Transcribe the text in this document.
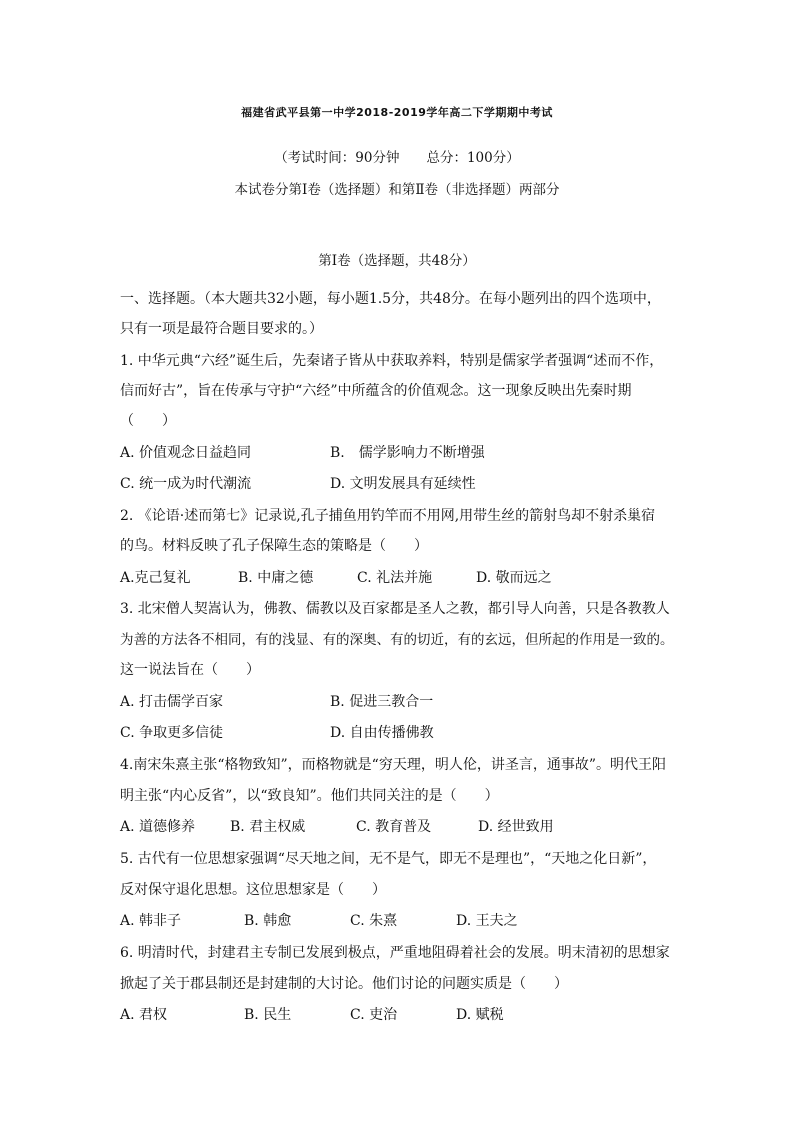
福建省武平县第一中学2018-2019学年高二下学期期中考试
（考试时间：90分钟　　总分：100分）
本试卷分第Ⅰ卷（选择题）和第Ⅱ卷（非选择题）两部分
第Ⅰ卷（选择题，共48分）
一、选择题。（本大题共32小题，每小题1.5分，共48分。在每小题列出的四个选项中，
只有一项是最符合题目要求的。）
1. 中华元典“六经”诞生后，先秦诸子皆从中获取养料，特别是儒家学者强调“述而不作，
信而好古”，旨在传承与守护“六经”中所蕴含的价值观念。这一现象反映出先秦时期
（　　）
A. 价值观念日益趋同	B.　儒学影响力不断增强
C. 统一成为时代潮流	D. 文明发展具有延续性
2. 《论语·述而第七》记录说,孔子捕鱼用钓竿而不用网,用带生丝的箭射鸟却不射杀巢宿
的鸟。材料反映了孔子保障生态的策略是（　　）
A.克己复礼	B. 中庸之德	C. 礼法并施	D. 敬而远之
3. 北宋僧人契嵩认为，佛教、儒教以及百家都是圣人之教，都引导人向善，只是各教教人
为善的方法各不相同，有的浅显、有的深奥、有的切近，有的玄远，但所起的作用是一致的。
这一说法旨在（　　）
A. 打击儒学百家	B. 促进三教合一
C. 争取更多信徒	D. 自由传播佛教
4.南宋朱熹主张“格物致知”，而格物就是“穷天理，明人伦，讲圣言，通事故”。明代王阳
明主张“内心反省”，以“致良知”。他们共同关注的是（　　）
A. 道德修养 B. 君主权威	C. 教育普及	D. 经世致用
5. 古代有一位思想家强调“尽天地之间，无不是气，即无不是理也”，“天地之化日新”，
反对保守退化思想。这位思想家是（　　）
A. 韩非子	B. 韩愈	C. 朱熹	D. 王夫之
6. 明清时代，封建君主专制已发展到极点，严重地阻碍着社会的发展。明末清初的思想家
掀起了关于郡县制还是封建制的大讨论。他们讨论的问题实质是（　　）
A. 君权	B. 民生	C. 吏治	D. 赋税
